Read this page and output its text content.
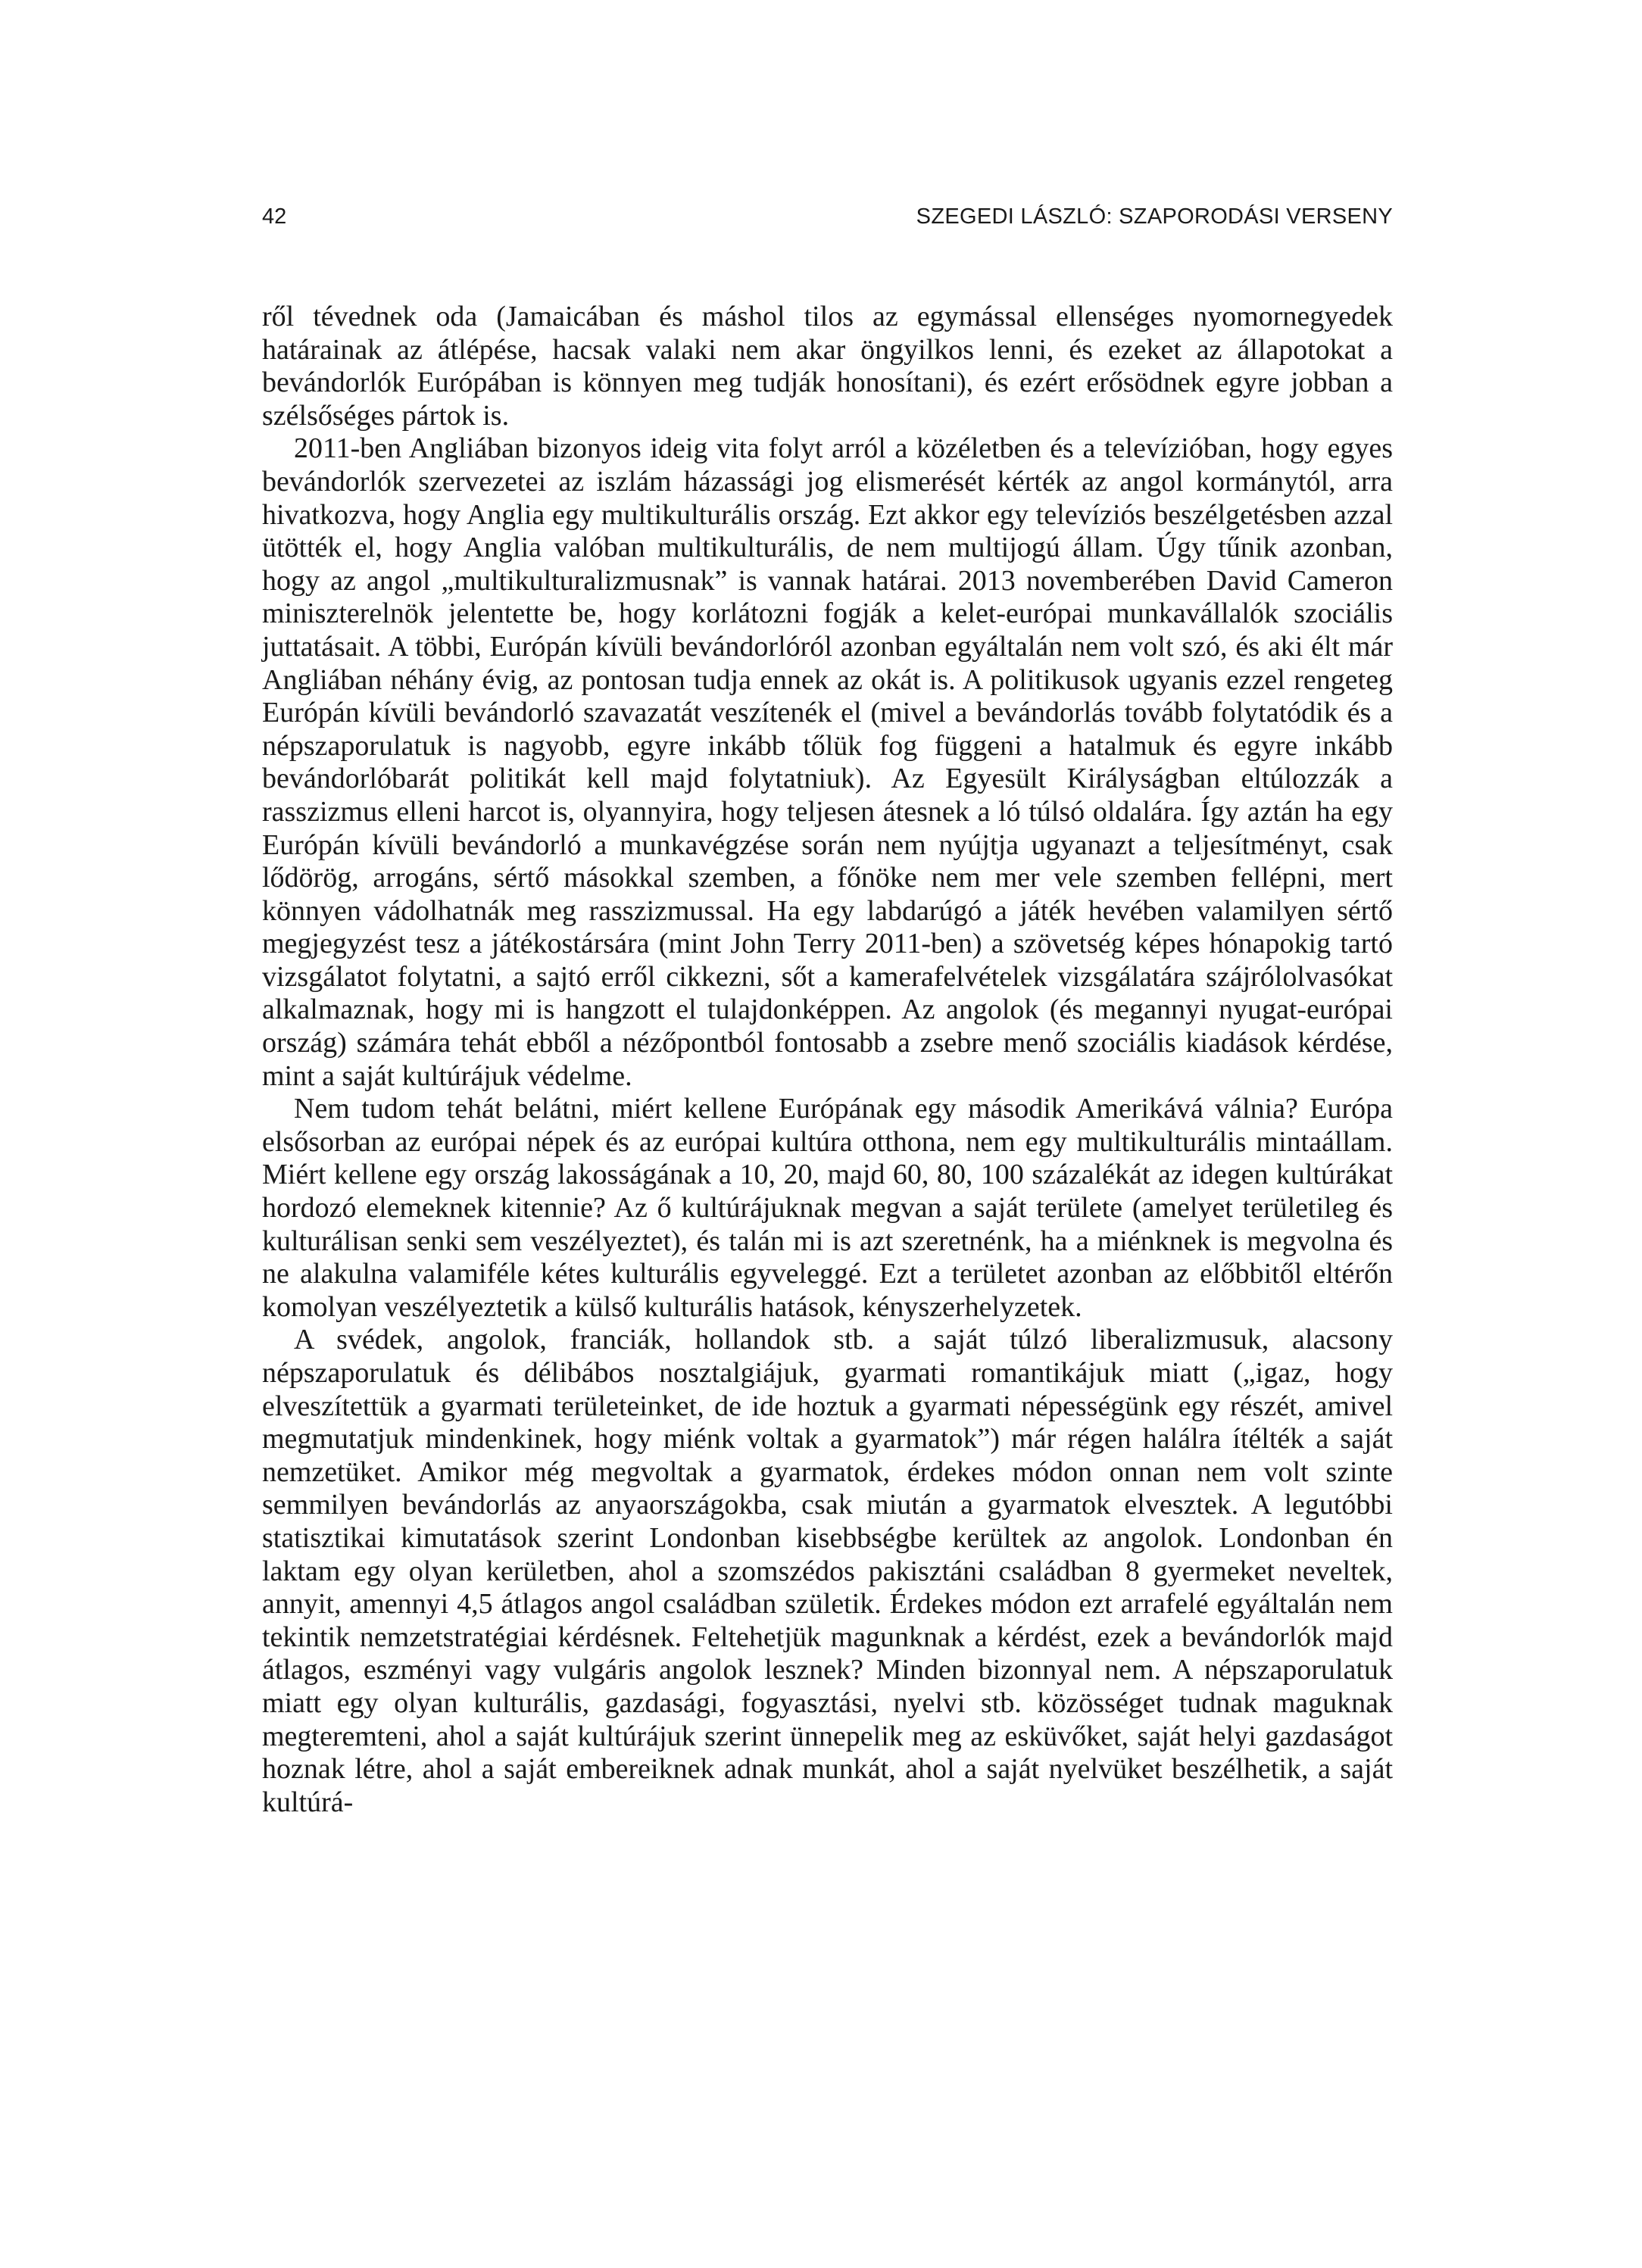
42	SZEGEDI LÁSZLÓ: SZAPORODÁSI VERSENY

ről tévednek oda (Jamaicában és máshol tilos az egymással ellenséges nyomornegyedek határainak az átlépése, hacsak valaki nem akar öngyilkos lenni, és ezeket az állapotokat a bevándorlók Európában is könnyen meg tudják honosítani), és ezért erősödnek egyre jobban a szélsőséges pártok is.

2011-ben Angliában bizonyos ideig vita folyt arról a közéletben és a televízióban, hogy egyes bevándorlók szervezetei az iszlám házassági jog elismerését kérték az angol kormánytól, arra hivatkozva, hogy Anglia egy multikulturális ország. Ezt akkor egy televíziós beszélgetésben azzal ütötték el, hogy Anglia valóban multikulturális, de nem multijogú állam. Úgy tűnik azonban, hogy az angol „multikulturalizmusnak” is vannak határai. 2013 novemberében David Cameron miniszterelnök jelentette be, hogy korlátozni fogják a kelet-európai munkavállalók szociális juttatásait. A többi, Európán kívüli bevándorlóról azonban egyáltalán nem volt szó, és aki élt már Angliában néhány évig, az pontosan tudja ennek az okát is. A politikusok ugyanis ezzel rengeteg Európán kívüli bevándorló szavazatát veszítenék el (mivel a bevándorlás tovább folytatódik és a népszaporulatuk is nagyobb, egyre inkább tőlük fog függeni a hatalmuk és egyre inkább bevándorlóbarát politikát kell majd folytatniuk). Az Egyesült Királyságban eltúlozzák a rasszizmus elleni harcot is, olyannyira, hogy teljesen átesnek a ló túlsó oldalára. Így aztán ha egy Európán kívüli bevándorló a munkavégzése során nem nyújtja ugyanazt a teljesítményt, csak lődörög, arrogáns, sértő másokkal szemben, a főnöke nem mer vele szemben fellépni, mert könnyen vádolhatnák meg rasszizmussal. Ha egy labdarúgó a játék hevében valamilyen sértő megjegyzést tesz a játékostársára (mint John Terry 2011-ben) a szövetség képes hónapokig tartó vizsgálatot folytatni, a sajtó erről cikkezni, sőt a kamerafelvételek vizsgálatára szájrólolvasókat alkalmaznak, hogy mi is hangzott el tulajdonképpen. Az angolok (és megannyi nyugat-európai ország) számára tehát ebből a nézőpontból fontosabb a zsebre menő szociális kiadások kérdése, mint a saját kultúrájuk védelme.

Nem tudom tehát belátni, miért kellene Európának egy második Amerikává válnia? Európa elsősorban az európai népek és az európai kultúra otthona, nem egy multikulturális mintaállam. Miért kellene egy ország lakosságának a 10, 20, majd 60, 80, 100 százalékát az idegen kultúrákat hordozó elemeknek kitennie? Az ő kultúrájuknak megvan a saját területe (amelyet területileg és kulturálisan senki sem veszélyeztet), és talán mi is azt szeretnénk, ha a miénknek is megvolna és ne alakulna valamiféle kétes kulturális egyveleggé. Ezt a területet azonban az előbbitől eltérőn komolyan veszélyeztetik a külső kulturális hatások, kényszerhelyzetek.

A svédek, angolok, franciák, hollandok stb. a saját túlzó liberalizmusuk, alacsony népszaporulatuk és délibábos nosztalgiájuk, gyarmati romantikájuk miatt („igaz, hogy elveszítettük a gyarmati területeinket, de ide hoztuk a gyarmati népességünk egy részét, amivel megmutatjuk mindenkinek, hogy miénk voltak a gyarmatok”) már régen halálra ítélték a saját nemzetüket. Amikor még megvoltak a gyarmatok, érdekes módon onnan nem volt szinte semmilyen bevándorlás az anyaországokba, csak miután a gyarmatok elvesztek. A legutóbbi statisztikai kimutatások szerint Londonban kisebbségbe kerültek az angolok. Londonban én laktam egy olyan kerületben, ahol a szomszédos pakisztáni családban 8 gyermeket neveltek, annyit, amennyi 4,5 átlagos angol családban születik. Érdekes módon ezt arrafelé egyáltalán nem tekintik nemzetstratégiai kérdésnek. Feltehetjük magunknak a kérdést, ezek a bevándorlók majd átlagos, eszményi vagy vulgáris angolok lesznek? Minden bizonnyal nem. A népszaporulatuk miatt egy olyan kulturális, gazdasági, fogyasztási, nyelvi stb. közösséget tudnak maguknak megteremteni, ahol a saját kultúrájuk szerint ünnepelik meg az esküvőket, saját helyi gazdaságot hoznak létre, ahol a saját embereiknek adnak munkát, ahol a saját nyelvüket beszélhetik, a saját kultúrá-
